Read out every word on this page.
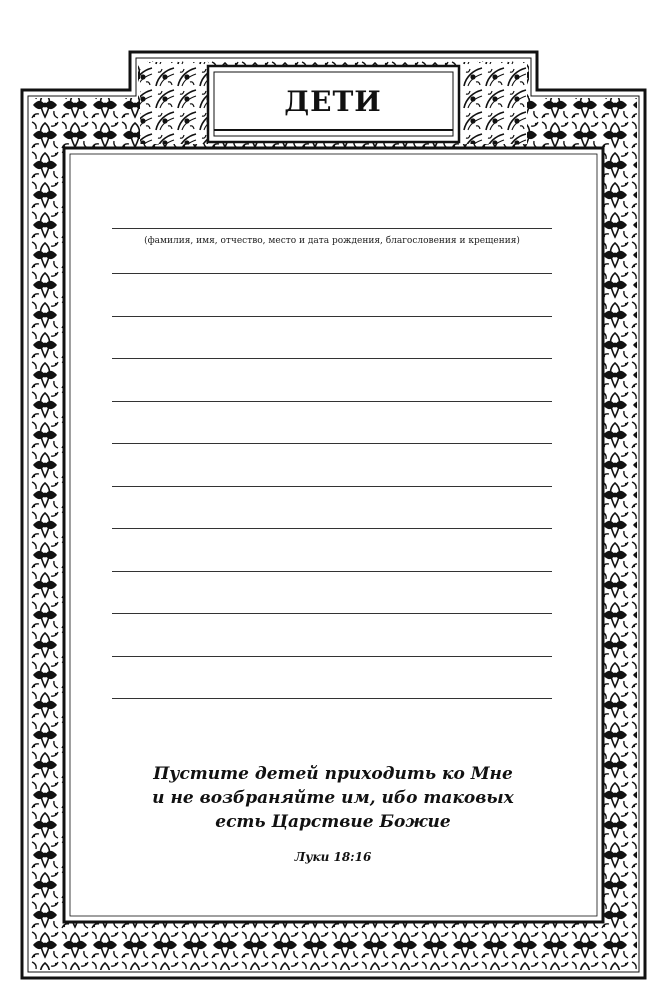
ДЕТИ
(фамилия, имя, отчество, место и дата рождения, благословения и крещения)
Пустите детей приходить ко Мне
и не возбраняйте им, ибо таковых
есть Царствие Божие
Луки 18:16
